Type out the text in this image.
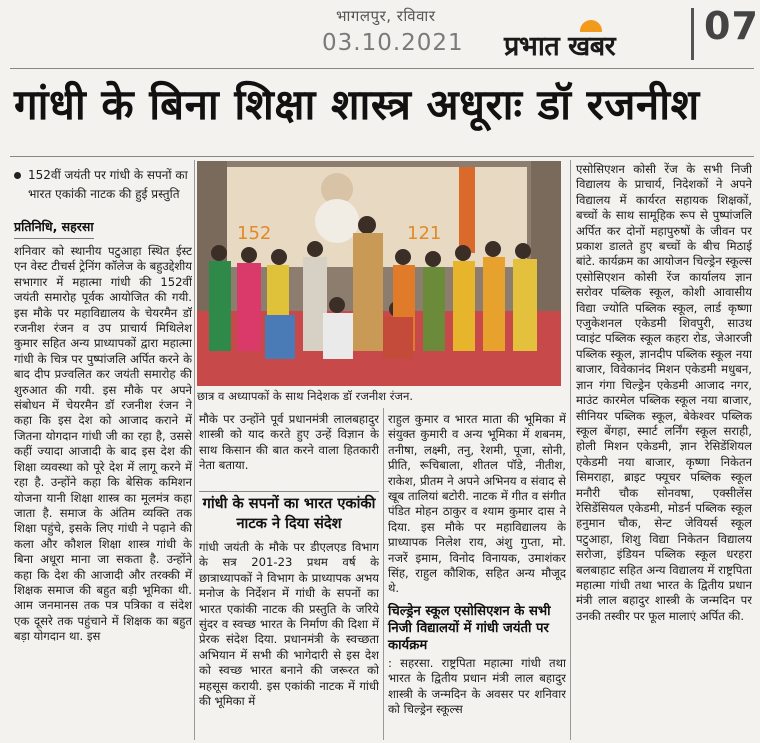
भागलपुर, रविवार
03.10.2021 प्रभात खबर 07
गांधी के बिना शिक्षा शास्त्र अधूराः डॉ रजनीश
152वीं जयंती पर गांधी के सपनों का भारत एकांकी नाटक की हुई प्रस्तुति
प्रतिनिधि, सहरसा
शनिवार को स्थानीय पटुआहा स्थित ईस्ट एन वेस्ट टीचर्स ट्रेनिंग कॉलेज के बहुउद्देशीय सभागार में महात्मा गांधी की 152वीं जयंती समारोह पूर्वक आयोजित की गयी. इस मौके पर महाविद्यालय के चेयरमैन डॉ रजनीश रंजन व उप प्राचार्य मिथिलेश कुमार सहित अन्य प्राध्यापकों द्वारा महात्मा गांधी के चित्र पर पुष्पांजलि अर्पित करने के बाद दीप प्रज्वलित कर जयंती समारोह की शुरुआत की गयी. इस मौके पर अपने संबोधन में चेयरमैन डॉ रजनीश रंजन ने कहा कि इस देश को आजाद कराने में जितना योगदान गांधी जी का रहा है, उससे कहीं ज्यादा आजादी के बाद इस देश की शिक्षा व्यवस्था को पूरे देश में लागू करने में रहा है. उन्होंने कहा कि बेसिक कमिशन योजना यानी शिक्षा शास्त्र का मूलमंत्र कहा जाता है. समाज के अंतिम व्यक्ति तक शिक्षा पहुंचे, इसके लिए गांधी ने पढ़ाने की कला और कौशल शिक्षा शास्त्र गांधी के बिना अधूरा माना जा सकता है. उन्होंने कहा कि देश की आजादी और तरक्की में शिक्षक समाज की बहुत बड़ी भूमिका थी. आम जनमानस तक पत्र पत्रिका व संदेश एक दूसरे तक पहुंचाने में शिक्षक का बहुत बड़ा योगदान था. इस
152	121
छात्र व अध्यापकों के साथ निदेशक डॉ रजनीश रंजन.
मौके पर उन्होंने पूर्व प्रधानमंत्री लालबहादुर शास्त्री को याद करते हुए उन्हें विज्ञान के साथ किसान की बात करने वाला हितकारी नेता बताया.
गांधी के सपनों का भारत एकांकी नाटक ने दिया संदेश
गांधी जयंती के मौके पर डीएलएड विभाग के सत्र 201-23 प्रथम वर्ष के छात्राध्यापकों ने विभाग के प्राध्यापक अभय मनोज के निर्देशन में गांधी के सपनों का भारत एकांकी नाटक की प्रस्तुति के जरिये सुंदर व स्वच्छ भारत के निर्माण की दिशा में प्रेरक संदेश दिया. प्रधानमंत्री के स्वच्छता अभियान में सभी की भागेदारी से इस देश को स्वच्छ भारत बनाने की जरूरत को महसूस करायी. इस एकांकी नाटक में गांधी की भूमिका में
राहुल कुमार व भारत माता की भूमिका में संयुक्त कुमारी व अन्य भूमिका में शबनम, तनीषा, लक्ष्मी, तनु, रेशमी, पूजा, सोनी, प्रीति, रूचिबाला, शीतल पॉडे, नीतीश, राकेश, प्रीतम ने अपने अभिनय व संवाद से खूब तालियां बटोरी. नाटक में गीत व संगीत पंडित मोहन ठाकुर व श्याम कुमार दास ने दिया. इस मौके पर महाविद्यालय के प्राध्यापक निलेश राय, अंशु गुप्ता, मो. नजरें इमाम, विनोद विनायक, उमाशंकर सिंह, राहुल कौशिक, सहित अन्य मौजूद थे.
चिल्ड्रेन स्कूल एसोसिएशन के सभी निजी विद्यालयों में गांधी जयंती पर कार्यक्रम
: सहरसा. राष्ट्रपिता महात्मा गांधी तथा भारत के द्वितीय प्रधान मंत्री लाल बहादुर शास्त्री के जन्मदिन के अवसर पर शनिवार को चिल्ड्रेन स्कूल्स
एसोसिएशन कोसी रेंज के सभी निजी विद्यालय के प्राचार्य, निदेशकों ने अपने विद्यालय में कार्यरत सहायक शिक्षकों, बच्चों के साथ सामूहिक रूप से पुष्पांजलि अर्पित कर दोनों महापुरुषों के जीवन पर प्रकाश डालते हुए बच्चों के बीच मिठाई बांटे. कार्यक्रम का आयोजन चिल्ड्रेन स्कूल्स एसोसिएशन कोसी रेंज कार्यालय ज्ञान सरोवर पब्लिक स्कूल, कोशी आवासीय विद्या ज्योति पब्लिक स्कूल, लार्ड कृष्णा एजुकेशनल एकेडमी शिवपुरी, साउथ प्वाइंट पब्लिक स्कूल कहरा रोड, जेआरजी पब्लिक स्कूल, ज्ञानदीप पब्लिक स्कूल नया बाजार, विवेकानंद मिशन एकेडमी मधुबन, ज्ञान गंगा चिल्ड्रेन एकेडमी आजाद नगर, माउंट कारमेल पब्लिक स्कूल नया बाजार, सीनियर पब्लिक स्कूल, बेकेश्वर पब्लिक स्कूल बेंगहा, स्मार्ट लर्निंग स्कूल सराही, होली मिशन एकेडमी, ज्ञान रेसिडेंशियल एकेडमी नया बाजार, कृष्णा निकेतन सिमराहा, ब्राइट फ्यूचर पब्लिक स्कूल मनौरी चौक सोनवषा, एक्सीलेंस रेसिडेंसियल एकेडमी, मोडर्न पब्लिक स्कूल हनुमान चौक, सेन्ट जेवियर्स स्कूल पटुआहा, शिशु विद्या निकेतन विद्यालय सरोजा, इंडियन पब्लिक स्कूल धरहरा बलबाहाट सहित अन्य विद्यालय में राष्ट्रपिता महात्मा गांधी तथा भारत के द्वितीय प्रधान मंत्री लाल बहादुर शास्त्री के जन्मदिन पर उनकी तस्वीर पर फूल मालाएं अर्पित की.
